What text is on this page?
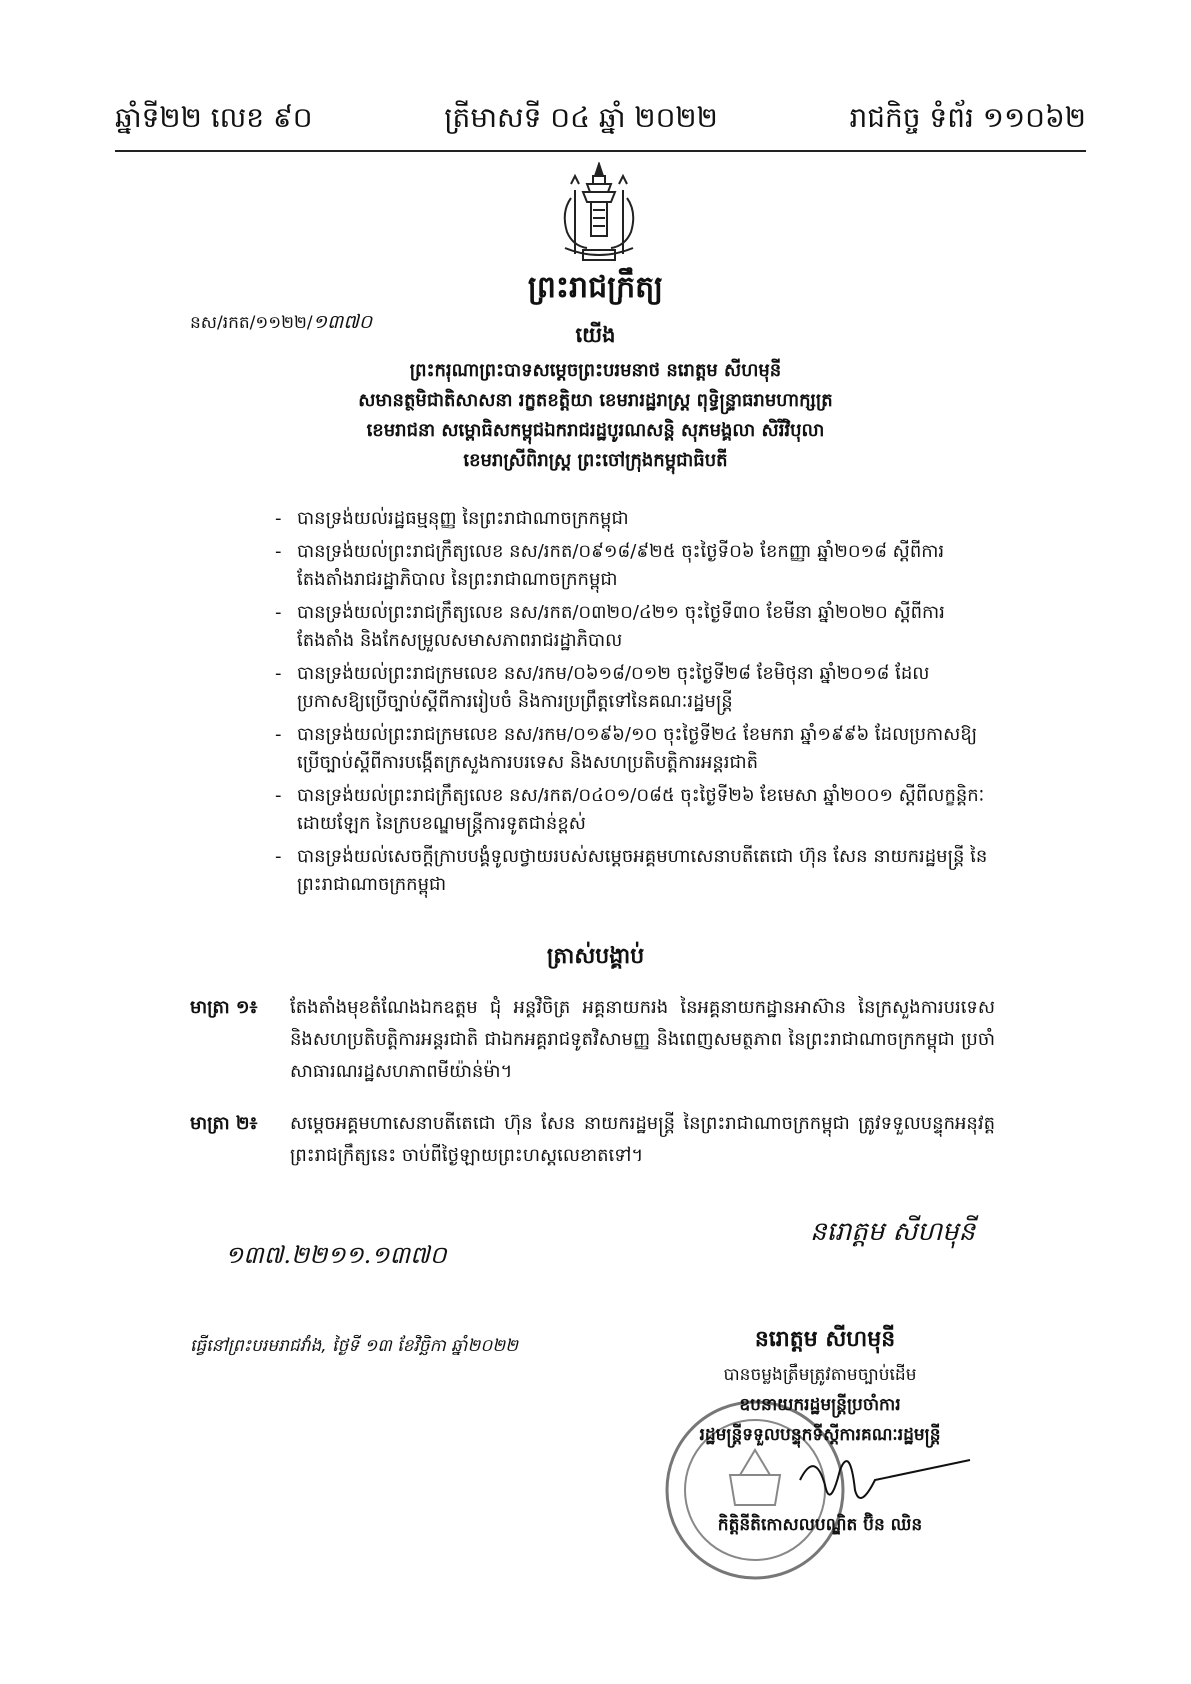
ឆ្នាំទី២២ លេខ ៩០	ត្រីមាសទី ០៤ ឆ្នាំ ២០២២	រាជកិច្ច ទំព័រ ១១០៦២
ព្រះរាជក្រឹត្យ
នស/រកត/១១២២/១៣៧០
យើង
ព្រះករុណាព្រះបាទសម្តេចព្រះបរមនាថ នរោត្តម សីហមុនី
សមានត្ថមិជាតិសាសនា រក្ខតខត្តិយា ខេមរារដ្ឋរាស្ត្រ ពុទ្ធិន្ទ្រាធរាមហាក្សត្រ
ខេមរាជនា សម្ពោធិសកម្ពុជឯករាជរដ្ឋបូរណសន្តិ សុភមង្គលា សិរីវិបុលា
ខេមរាស្រីពិរាស្ត្រ ព្រះចៅក្រុងកម្ពុជាធិបតី
- បានទ្រង់យល់រដ្ឋធម្មនុញ្ញ នៃព្រះរាជាណាចក្រកម្ពុជា
- បានទ្រង់យល់ព្រះរាជក្រឹត្យលេខ នស/រកត/០៩១៨/៩២៥ ចុះថ្ងៃទី០៦ ខែកញ្ញា ឆ្នាំ២០១៨ ស្តីពីការតែងតាំងរាជរដ្ឋាភិបាល នៃព្រះរាជាណាចក្រកម្ពុជា
- បានទ្រង់យល់ព្រះរាជក្រឹត្យលេខ នស/រកត/០៣២០/៤២១ ចុះថ្ងៃទី៣០ ខែមីនា ឆ្នាំ២០២០ ស្តីពីការតែងតាំង និងកែសម្រួលសមាសភាពរាជរដ្ឋាភិបាល
- បានទ្រង់យល់ព្រះរាជក្រមលេខ នស/រកម/០៦១៨/០១២ ចុះថ្ងៃទី២៨ ខែមិថុនា ឆ្នាំ២០១៨ ដែលប្រកាសឱ្យប្រើច្បាប់ស្តីពីការរៀបចំ និងការប្រព្រឹត្តទៅនៃគណៈរដ្ឋមន្ត្រី
- បានទ្រង់យល់ព្រះរាជក្រមលេខ នស/រកម/០១៩៦/១០ ចុះថ្ងៃទី២៤ ខែមករា ឆ្នាំ១៩៩៦ ដែលប្រកាសឱ្យប្រើច្បាប់ស្តីពីការបង្កើតក្រសួងការបរទេស និងសហប្រតិបត្តិការអន្តរជាតិ
- បានទ្រង់យល់ព្រះរាជក្រឹត្យលេខ នស/រកត/០៤០១/០៨៥ ចុះថ្ងៃទី២៦ ខែមេសា ឆ្នាំ២០០១ ស្តីពីលក្ខន្តិកៈដោយឡែក នៃក្របខណ្ឌមន្ត្រីការទូតជាន់ខ្ពស់
- បានទ្រង់យល់សេចក្តីក្រាបបង្គំទូលថ្វាយរបស់សម្តេចអគ្គមហាសេនាបតីតេជោ ហ៊ុន សែន នាយករដ្ឋមន្ត្រី នៃព្រះរាជាណាចក្រកម្ពុជា
ត្រាស់បង្គាប់
មាត្រា ១៖	តែងតាំងមុខតំណែងឯកឧត្តម ជុំ អន្តវិចិត្រ អគ្គនាយករង នៃអគ្គនាយកដ្ឋានអាស៊ាន នៃក្រសួងការបរទេស និងសហប្រតិបត្តិការអន្តរជាតិ ជាឯកអគ្គរាជទូតវិសាមញ្ញ និងពេញសមត្ថភាព នៃព្រះរាជាណាចក្រកម្ពុជា ប្រចាំសាធារណរដ្ឋសហភាពមីយ៉ាន់ម៉ា។
មាត្រា ២៖	សម្តេចអគ្គមហាសេនាបតីតេជោ ហ៊ុន សែន នាយករដ្ឋមន្ត្រី នៃព្រះរាជាណាចក្រកម្ពុជា ត្រូវទទួលបន្ទុកអនុវត្តព្រះរាជក្រឹត្យនេះ ចាប់ពីថ្ងៃឡាយព្រះហស្តលេខាតទៅ។
១៣៧.២២១១.១៣៧០
នរោត្តម សីហមុនី
នរោត្តម សីហមុនី
ធ្វើនៅព្រះបរមរាជវាំង, ថ្ងៃទី ១៣ ខែវិច្ឆិកា ឆ្នាំ២០២២
បានចម្លងត្រឹមត្រូវតាមច្បាប់ដើម
ឧបនាយករដ្ឋមន្ត្រីប្រចាំការ
រដ្ឋមន្ត្រីទទួលបន្ទុកទីស្តីការគណៈរដ្ឋមន្ត្រី
កិត្តិនីតិកោសលបណ្ឌិត ប៊ិន ឈិន
